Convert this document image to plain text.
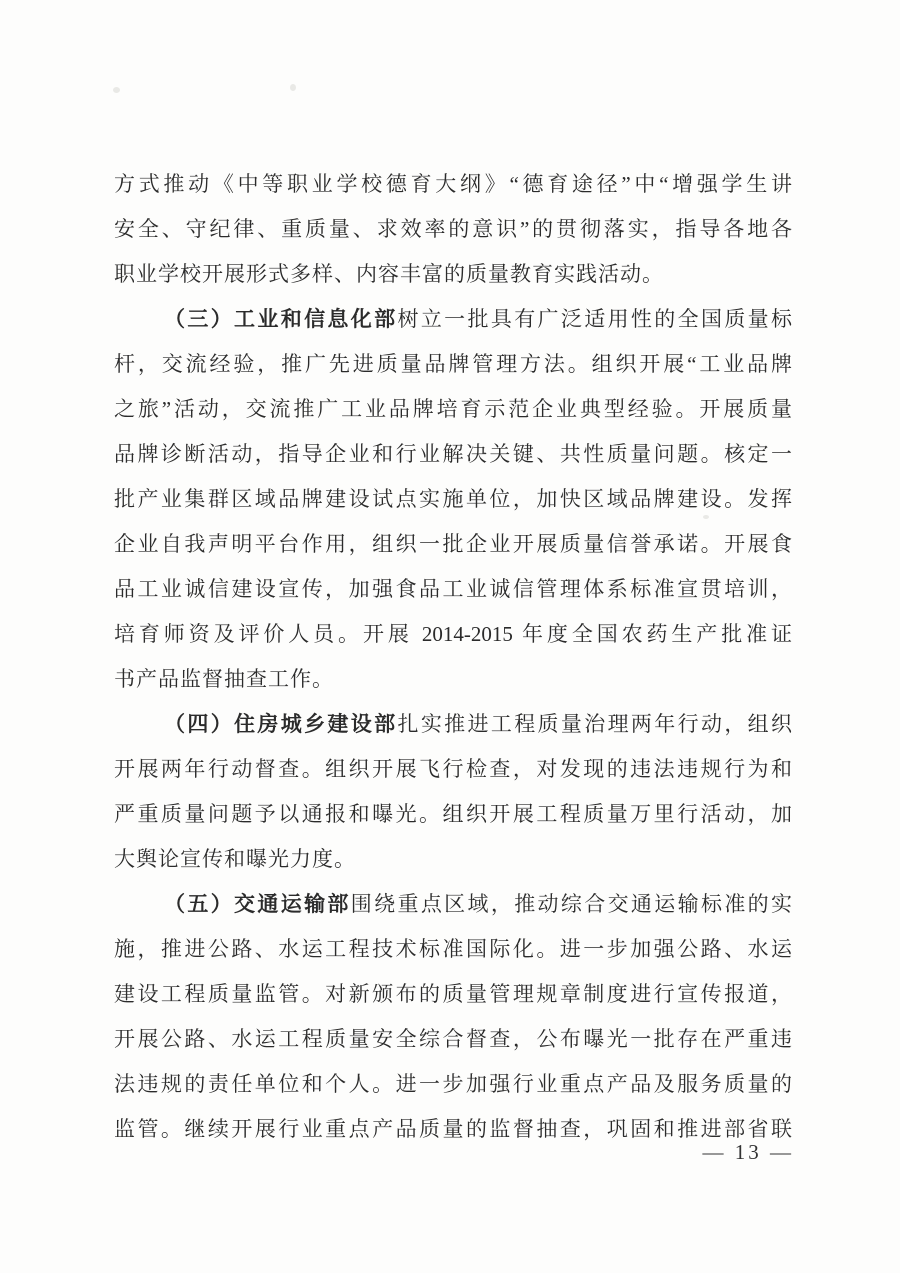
方式推动《中等职业学校德育大纲》“德育途径”中“增强学生讲
安全、守纪律、重质量、求效率的意识”的贯彻落实，指导各地各
职业学校开展形式多样、内容丰富的质量教育实践活动。
（三）工业和信息化部树立一批具有广泛适用性的全国质量标
杆，交流经验，推广先进质量品牌管理方法。组织开展“工业品牌
之旅”活动，交流推广工业品牌培育示范企业典型经验。开展质量
品牌诊断活动，指导企业和行业解决关键、共性质量问题。核定一
批产业集群区域品牌建设试点实施单位，加快区域品牌建设。发挥
企业自我声明平台作用，组织一批企业开展质量信誉承诺。开展食
品工业诚信建设宣传，加强食品工业诚信管理体系标准宣贯培训，
培育师资及评价人员。开展 2014-2015 年度全国农药生产批准证
书产品监督抽查工作。
（四）住房城乡建设部扎实推进工程质量治理两年行动，组织
开展两年行动督查。组织开展飞行检查，对发现的违法违规行为和
严重质量问题予以通报和曝光。组织开展工程质量万里行活动，加
大舆论宣传和曝光力度。
（五）交通运输部围绕重点区域，推动综合交通运输标准的实
施，推进公路、水运工程技术标准国际化。进一步加强公路、水运
建设工程质量监管。对新颁布的质量管理规章制度进行宣传报道，
开展公路、水运工程质量安全综合督查，公布曝光一批存在严重违
法违规的责任单位和个人。进一步加强行业重点产品及服务质量的
监管。继续开展行业重点产品质量的监督抽查，巩固和推进部省联
— 13 —
